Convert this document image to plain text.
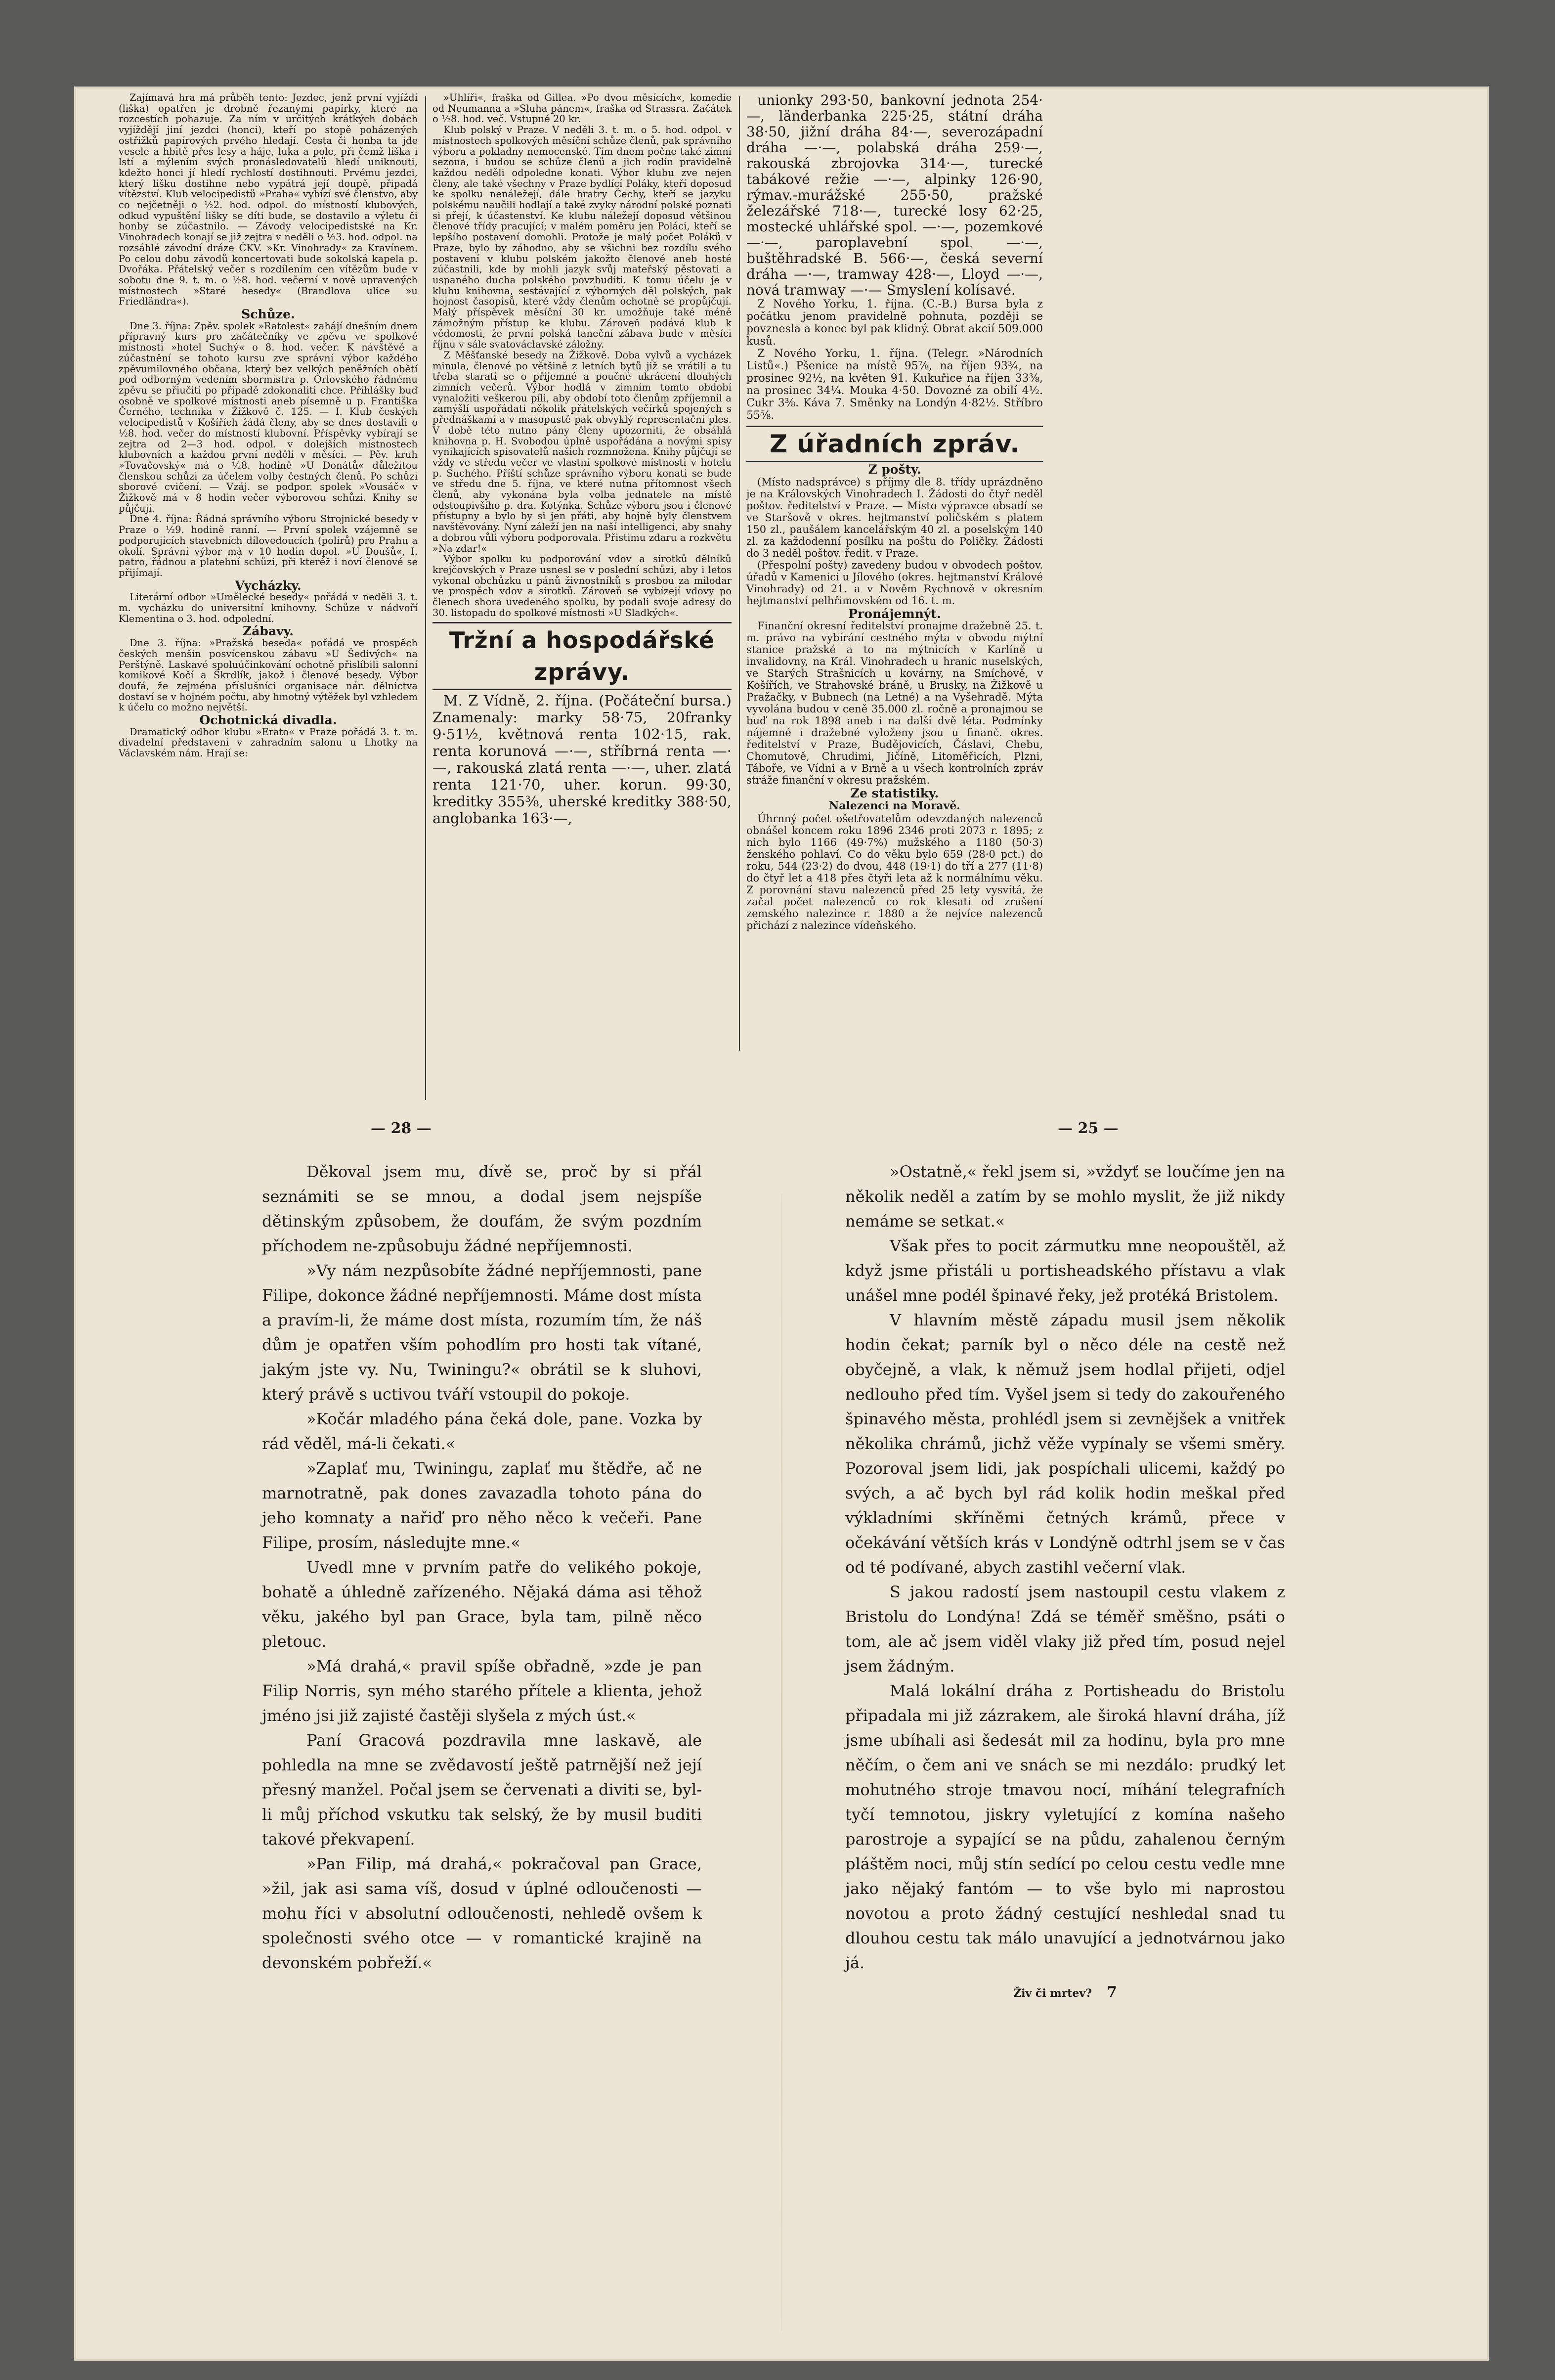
Zajímavá hra má průběh tento: Jezdec, jenž první vyjíždí (liška) opatřen je drobně řezanými papírky, které na rozcestích pohazuje. Za ním v určitých krátkých dobách vyjíždějí jiní jezdci (honci), kteří po stopě poházených ostřižků papírových prvého hledají. Cesta či honba ta jde vesele a hbitě přes lesy a háje, luka a pole, při čemž liška i lstí a mýlením svých pronásledovatelů hledí uniknouti, kdežto honci jí hledí rychlostí dostihnouti. Prvému jezdci, který lišku dostihne nebo vypátrá její doupě, připadá vítězství. Klub velocipedistů »Praha« vybízí své členstvo, aby co nejčetněji o ½2. hod. odpol. do místností klubových, odkud vypuštění lišky se díti bude, se dostavilo a výletu či honby se zúčastnilo. — Závody velocipedistské na Kr. Vinohradech konají se již zejtra v neděli o ½3. hod. odpol. na rozsáhlé závodní dráze ČKV. »Kr. Vinohrady« za Kravínem. Po celou dobu závodů koncertovati bude sokolská kapela p. Dvořáka. Přátelský večer s rozdílením cen vítězům bude v sobotu dne 9. t. m. o ½8. hod. večerní v nově upravených místnostech »Staré besedy« (Brandlova ulice »u Friedländra«).

Schůze.

Dne 3. října: Zpěv. spolek »Ratolest« zahájí dnešním dnem přípravný kurs pro začátečníky ve zpěvu ve spolkové místnosti »hotel Suchý« o 8. hod. večer. K návštěvě a zúčastnění se tohoto kursu zve správní výbor každého zpěvumilovného občana, který bez velkých peněžních obětí pod odborným vedením sbormistra p. Orlovského řádnému zpěvu se přiučiti po případě zdokonaliti chce. Přihlášky buď osobně ve spolkové místnosti aneb písemně u p. Františka Černého, technika v Žižkově č. 125. — I. Klub českých velocipedistů v Košířích žádá členy, aby se dnes dostavili o ½8. hod. večer do místností klubovní. Příspěvky vybírají se zejtra od 2—3 hod. odpol. v dolejších místnostech klubovních a každou první neděli v měsíci. — Pěv. kruh »Tovačovský« má o ½8. hodině »U Donátů« důležitou členskou schůzi za účelem volby čestných členů. Po schůzi sborové cvičení. — Vzáj. se podpor. spolek »Vousáč« v Žižkově má v 8 hodin večer výborovou schůzi. Knihy se půjčují.

Dne 4. října: Řádná správního výboru Strojnické besedy v Praze o ½9. hodině ranní. — První spolek vzájemně se podporujících stavebních dílovedoucích (polírů) pro Prahu a okolí. Správní výbor má v 10 hodin dopol. »U Doušů«, I. patro, řádnou a platební schůzi, při kteréž i noví členové se přijímají.

Vycházky.

Literární odbor »Umělecké besedy« pořádá v neděli 3. t. m. vycházku do universitní knihovny. Schůze v nádvoří Klementina o 3. hod. odpolední.

Zábavy.

Dne 3. října: »Pražská beseda« pořádá ve prospěch českých menšin posvícenskou zábavu »U Šedivých« na Perštýně. Laskavé spoluúčinkování ochotně přislíbili salonní komikové Kočí a Škrdlík, jakož i členové besedy. Výbor doufá, že zejména příslušníci organisace nár. dělnictva dostaví se v hojném počtu, aby hmotný výtěžek byl vzhledem k účelu co možno největší.

Ochotnická divadla.

Dramatický odbor klubu »Erato« v Praze pořádá 3. t. m. divadelní představení v zahradním salonu u Lhotky na Václavském nám. Hrají se:

»Uhlíři«, fraška od Gillea. »Po dvou měsících«, komedie od Neumanna a »Sluha pánem«, fraška od Strassra. Začátek o ½8. hod. več. Vstupné 20 kr.

Klub polský v Praze. V neděli 3. t. m. o 5. hod. odpol. v místnostech spolkových měsíční schůze členů, pak správního výboru a pokladny nemocenské. Tím dnem počne také zimní sezona, i budou se schůze členů a jich rodin pravidelně každou neděli odpoledne konati. Výbor klubu zve nejen členy, ale také všechny v Praze bydlící Poláky, kteří doposud ke spolku nenáležejí, dále bratry Čechy, kteří se jazyku polskému naučili hodlají a také zvyky národní polské poznati si přejí, k účastenství. Ke klubu náležejí doposud většinou členové třídy pracující; v malém poměru jen Poláci, kteří se lepšího postavení domohli. Protože je malý počet Poláků v Praze, bylo by záhodno, aby se všichni bez rozdílu svého postavení v klubu polském jakožto členové aneb hosté zúčastnili, kde by mohli jazyk svůj mateřský pěstovati a uspaného ducha polského povzbuditi. K tomu účelu je v klubu knihovna, sestávající z výborných děl polských, pak hojnost časopisů, které vždy členům ochotně se propůjčují. Malý příspěvek měsíční 30 kr. umožňuje také méně zámožným přístup ke klubu. Zároveň podává klub k vědomosti, že první polská taneční zábava bude v měsíci říjnu v sále svatováclavské záložny.

Z Měšťanské besedy na Žižkově. Doba vylvů a vycházek minula, členové po většině z letních bytů již se vrátili a tu třeba starati se o přijemné a poučné ukrácení dlouhých zimních večerů. Výbor hodlá v zimním tomto období vynaložiti veškerou píli, aby období toto členům zpříjemnil a zamýšlí uspořádati několik přátelských večírků spojených s přednáškami a v masopustě pak obvyklý representační ples. V době této nutno pány členy upozorniti, že obsáhlá knihovna p. H. Svobodou úplně uspořádána a novými spisy vynikajících spisovatelů našich rozmnožena. Knihy půjčují se vždy ve středu večer ve vlastní spolkové místnosti v hotelu p. Suchého. Příští schůze správního výboru konati se bude ve středu dne 5. října, ve které nutna přítomnost všech členů, aby vykonána byla volba jednatele na místě odstoupivšího p. dra. Kotýnka. Schůze výboru jsou i členové přístupny a bylo by si jen přáti, aby hojně byly členstvem navštěvovány. Nyní záleží jen na naší intelligenci, aby snahy a dobrou vůli výboru podporovala. Přistimu zdaru a rozkvětu »Na zdar!«

Výbor spolku ku podporování vdov a sirotků dělníků krejčovských v Praze usnesl se v poslední schůzi, aby i letos vykonal obchůzku u pánů živnostníků s prosbou za milodar ve prospěch vdov a sirotků. Zároveň se vybízejí vdovy po členech shora uvedeného spolku, by podali svoje adresy do 30. listopadu do spolkové místnosti »U Sladkých«.

Tržní a hospodářské zprávy.

M. Z Vídně, 2. října. (Počáteční bursa.) Znamenaly: marky 58·75, 20franky 9·51½, květnová renta 102·15, rak. renta korunová —·—, stříbrná renta —·—, rakouská zlatá renta —·—, uher. zlatá renta 121·70, uher. korun. 99·30, kreditky 355⅜, uherské kreditky 388·50, anglobanka 163·—,

unionky 293·50, bankovní jednota 254·—, länderbanka 225·25, státní dráha 38·50, jižní dráha 84·—, severozápadní dráha —·—, polabská dráha 259·—, rakouská zbrojovka 314·—, turecké tabákové režie —·—, alpinky 126·90, rýmav.-murážské 255·50, pražské železářské 718·—, turecké losy 62·25, mostecké uhlářské spol. —·—, pozemkové —·—, paroplavební spol. —·—, buštěhradské B. 566·—, česká severní dráha —·—, tramway 428·—, Lloyd —·—, nová tramway —·— Smyslení kolísavé.

Z Nového Yorku, 1. října. (C.-B.) Bursa byla z počátku jenom pravidelně pohnuta, později se povznesla a konec byl pak klidný. Obrat akcií 509.000 kusů.

Z Nového Yorku, 1. října. (Telegr. »Národních Listů«.) Pšenice na místě 95⅞, na říjen 93¾, na prosinec 92½, na květen 91. Kukuřice na říjen 33⅜, na prosinec 34¼. Mouka 4·50. Dovozné za obilí 4½. Cukr 3⅜. Káva 7. Směnky na Londýn 4·82½. Stříbro 55⅝.

Z úřadních zpráv.
Z pošty.

(Místo nadsprávce) s příjmy dle 8. třídy uprázdněno je na Královských Vinohradech I. Žádosti do čtyř neděl poštov. ředitelství v Praze. — Místo výpravce obsadí se ve Staršově v okres. hejtmanství poličském s platem 150 zl., paušálem kancelářským 40 zl. a poselským 140 zl. za každodenní posílku na poštu do Poličky. Žádosti do 3 neděl poštov. ředit. v Praze.

(Přespolní pošty) zavedeny budou v obvodech poštov. úřadů v Kamenici u Jílového (okres. hejtmanství Králové Vinohrady) od 21. a v Nověm Rychnově v okresním hejtmanství pelhřimovském od 16. t. m.

Pronájemnýt.

Finanční okresní ředitelství pronajme dražebně 25. t. m. právo na vybírání cestného mýta v obvodu mýtní stanice pražské a to na mýtnicích v Karlíně u invalidovny, na Král. Vinohradech u hranic nuselských, ve Starých Strašnicích u kovárny, na Smíchově, v Košířích, ve Strahovské bráně, u Brusky, na Žižkově u Pražačky, v Bubnech (na Letné) a na Vyšehradě. Mýta vyvolána budou v ceně 35.000 zl. ročně a pronajmou se buď na rok 1898 aneb i na další dvě léta. Podmínky nájemné i dražebné vyloženy jsou u finanč. okres. ředitelství v Praze, Budějovicích, Čáslavi, Chebu, Chomutově, Chrudimi, Jičíně, Litoměřicích, Plzni, Táboře, ve Vídni a v Brně a u všech kontrolních zpráv stráže finanční v okresu pražském.

Ze statistiky.
Nalezenci na Moravě.

Úhrnný počet ošetřovatelům odevzdaných nalezenců obnášel koncem roku 1896 2346 proti 2073 r. 1895; z nich bylo 1166 (49·7%) mužského a 1180 (50·3) ženského pohlaví. Co do věku bylo 659 (28·0 pct.) do roku, 544 (23·2) do dvou, 448 (19·1) do tří a 277 (11·8) do čtyř let a 418 přes čtyři leta až k normálnímu věku. Z porovnání stavu nalezenců před 25 lety vysvítá, že začal počet nalezenců co rok klesati od zrušení zemského nalezince r. 1880 a že nejvíce nalezenců přichází z nalezince vídeňského.

— 28 —	— 25 —

Děkoval jsem mu, dívě se, proč by si přál seznámiti se se mnou, a dodal jsem nejspíše dětinským způsobem, že doufám, že svým pozdním příchodem ne-způsobuju žádné nepříjemnosti.

»Vy nám nezpůsobíte žádné nepříjemnosti, pane Filipe, dokonce žádné nepříjemnosti. Máme dost místa a pravím-li, že máme dost místa, rozumím tím, že náš dům je opatřen vším pohodlím pro hosti tak vítané, jakým jste vy. Nu, Twiningu?« obrátil se k sluhovi, který právě s uctivou tváří vstoupil do pokoje.

»Kočár mladého pána čeká dole, pane. Vozka by rád věděl, má-li čekati.«

»Zaplať mu, Twiningu, zaplať mu štědře, ač ne marnotratně, pak dones zavazadla tohoto pána do jeho komnaty a nařiď pro něho něco k večeři. Pane Filipe, prosím, následujte mne.«

Uvedl mne v prvním patře do velikého pokoje, bohatě a úhledně zařízeného. Nějaká dáma asi těhož věku, jakého byl pan Grace, byla tam, pilně něco pletouc.

»Má drahá,« pravil spíše obřadně, »zde je pan Filip Norris, syn mého starého přítele a klienta, jehož jméno jsi již zajisté častěji slyšela z mých úst.«

Paní Gracová pozdravila mne laskavě, ale pohledla na mne se zvědavostí ještě patrnější než její přesný manžel. Počal jsem se červenati a diviti se, byl-li můj příchod vskutku tak selský, že by musil buditi takové překvapení.

»Pan Filip, má drahá,« pokračoval pan Grace, »žil, jak asi sama víš, dosud v úplné odloučenosti — mohu říci v absolutní odloučenosti, nehledě ovšem k společnosti svého otce — v romantické krajině na devonském pobřeží.«

»Ostatně,« řekl jsem si, »vždyť se loučíme jen na několik neděl a zatím by se mohlo myslit, že již nikdy nemáme se setkat.«

Však přes to pocit zármutku mne neopouštěl, až když jsme přistáli u portisheadského přístavu a vlak unášel mne podél špinavé řeky, jež protéká Bristolem.

V hlavním městě západu musil jsem několik hodin čekat; parník byl o něco déle na cestě než obyčejně, a vlak, k němuž jsem hodlal přijeti, odjel nedlouho před tím. Vyšel jsem si tedy do zakouřeného špinavého města, prohlédl jsem si zevnějšek a vnitřek několika chrámů, jichž věže vypínaly se všemi směry. Pozoroval jsem lidi, jak pospíchali ulicemi, každý po svých, a ač bych byl rád kolik hodin meškal před výkladními skříněmi četných krámů, přece v očekávání větších krás v Londýně odtrhl jsem se v čas od té podívané, abych zastihl večerní vlak.

S jakou radostí jsem nastoupil cestu vlakem z Bristolu do Londýna! Zdá se téměř směšno, psáti o tom, ale ač jsem viděl vlaky již před tím, posud nejel jsem žádným.

Malá lokální dráha z Portisheadu do Bristolu připadala mi již zázrakem, ale široká hlavní dráha, jíž jsme ubíhali asi šedesát mil za hodinu, byla pro mne něčím, o čem ani ve snách se mi nezdálo: prudký let mohutného stroje tmavou nocí, míhání telegrafních tyčí temnotou, jiskry vyletující z komína našeho parostroje a sypající se na půdu, zahalenou černým pláštěm noci, můj stín sedící po celou cestu vedle mne jako nějaký fantóm — to vše bylo mi naprostou novotou a proto žádný cestující neshledal snad tu dlouhou cestu tak málo unavující a jednotvárnou jako já.

Živ či mrtev? 7
